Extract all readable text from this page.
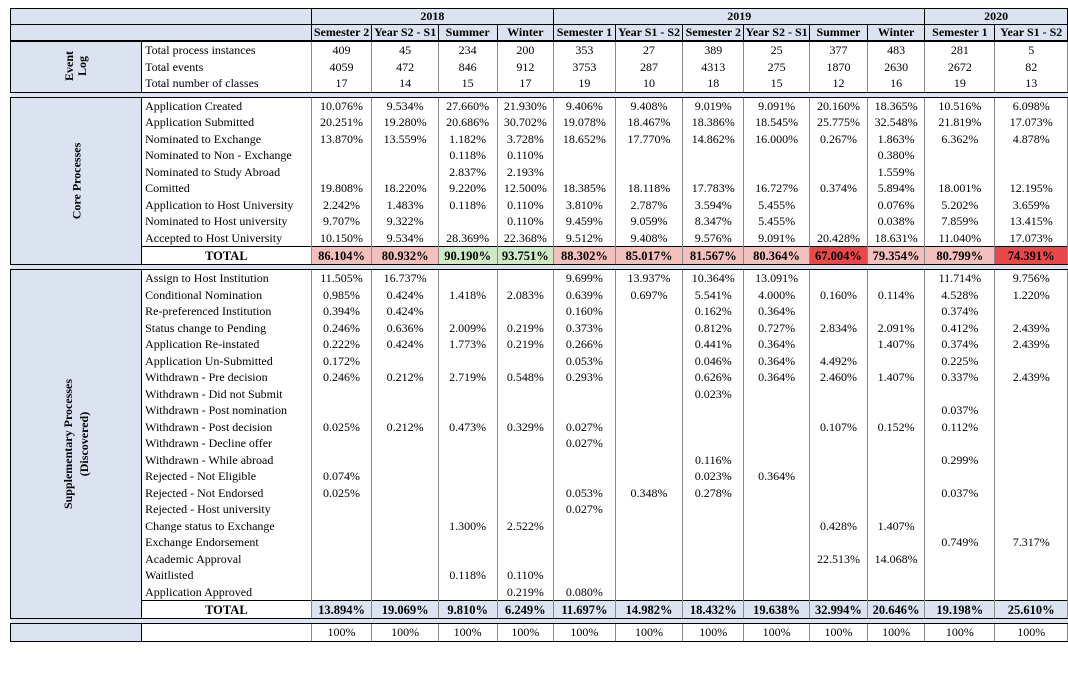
		2018				2019						2020	
		Semester 2	Year S2 - S1	Summer	Winter	Semester 1	Year S1 - S2	Semester 2	Year S2 - S1	Summer	Winter	Semester 1	Year S1 - S2
Event Log	Total process instances	409	45	234	200	353	27	389	25	377	483	281	5
	Total events	4059	472	846	912	3753	287	4313	275	1870	2630	2672	82
	Total number of classes	17	14	15	17	19	10	18	15	12	16	19	13

Core Processes	Application Created	10.076%	9.534%	27.660%	21.930%	9.406%	9.408%	9.019%	9.091%	20.160%	18.365%	10.516%	6.098%
	Application Submitted	20.251%	19.280%	20.686%	30.702%	19.078%	18.467%	18.386%	18.545%	25.775%	32.548%	21.819%	17.073%
	Nominated to Exchange	13.870%	13.559%	1.182%	3.728%	18.652%	17.770%	14.862%	16.000%	0.267%	1.863%	6.362%	4.878%
	Nominated to Non - Exchange			0.118%	0.110%						0.380%		
	Nominated to Study Abroad			2.837%	2.193%						1.559%		
	Comitted	19.808%	18.220%	9.220%	12.500%	18.385%	18.118%	17.783%	16.727%	0.374%	5.894%	18.001%	12.195%
	Application to Host University	2.242%	1.483%	0.118%	0.110%	3.810%	2.787%	3.594%	5.455%		0.076%	5.202%	3.659%
	Nominated to Host university	9.707%	9.322%		0.110%	9.459%	9.059%	8.347%	5.455%		0.038%	7.859%	13.415%
	Accepted to Host University	10.150%	9.534%	28.369%	22.368%	9.512%	9.408%	9.576%	9.091%	20.428%	18.631%	11.040%	17.073%
	TOTAL	86.104%	80.932%	90.190%	93.751%	88.302%	85.017%	81.567%	80.364%	67.004%	79.354%	80.799%	74.391%

Supplementary Processes (Discovered)	Assign to Host Institution	11.505%	16.737%			9.699%	13.937%	10.364%	13.091%			11.714%	9.756%
	Conditional Nomination	0.985%	0.424%	1.418%	2.083%	0.639%	0.697%	5.541%	4.000%	0.160%	0.114%	4.528%	1.220%
	Re-preferenced Institution	0.394%	0.424%			0.160%		0.162%	0.364%			0.374%	
	Status change to Pending	0.246%	0.636%	2.009%	0.219%	0.373%		0.812%	0.727%	2.834%	2.091%	0.412%	2.439%
	Application Re-instated	0.222%	0.424%	1.773%	0.219%	0.266%		0.441%	0.364%		1.407%	0.374%	2.439%
	Application Un-Submitted	0.172%				0.053%		0.046%	0.364%	4.492%		0.225%	
	Withdrawn - Pre decision	0.246%	0.212%	2.719%	0.548%	0.293%		0.626%	0.364%	2.460%	1.407%	0.337%	2.439%
	Withdrawn - Did not Submit							0.023%					
	Withdrawn - Post nomination											0.037%	
	Withdrawn - Post decision	0.025%	0.212%	0.473%	0.329%	0.027%				0.107%	0.152%	0.112%	
	Withdrawn - Decline offer					0.027%							
	Withdrawn - While abroad							0.116%				0.299%	
	Rejected - Not Eligible	0.074%						0.023%	0.364%				
	Rejected - Not Endorsed	0.025%				0.053%	0.348%	0.278%				0.037%	
	Rejected - Host university					0.027%							
	Change status to Exchange			1.300%	2.522%					0.428%	1.407%		
	Exchange Endorsement											0.749%	7.317%
	Academic Approval									22.513%	14.068%		
	Waitlisted			0.118%	0.110%								
	Application Approved				0.219%	0.080%							
	TOTAL	13.894%	19.069%	9.810%	6.249%	11.697%	14.982%	18.432%	19.638%	32.994%	20.646%	19.198%	25.610%

		100%	100%	100%	100%	100%	100%	100%	100%	100%	100%	100%	100%
